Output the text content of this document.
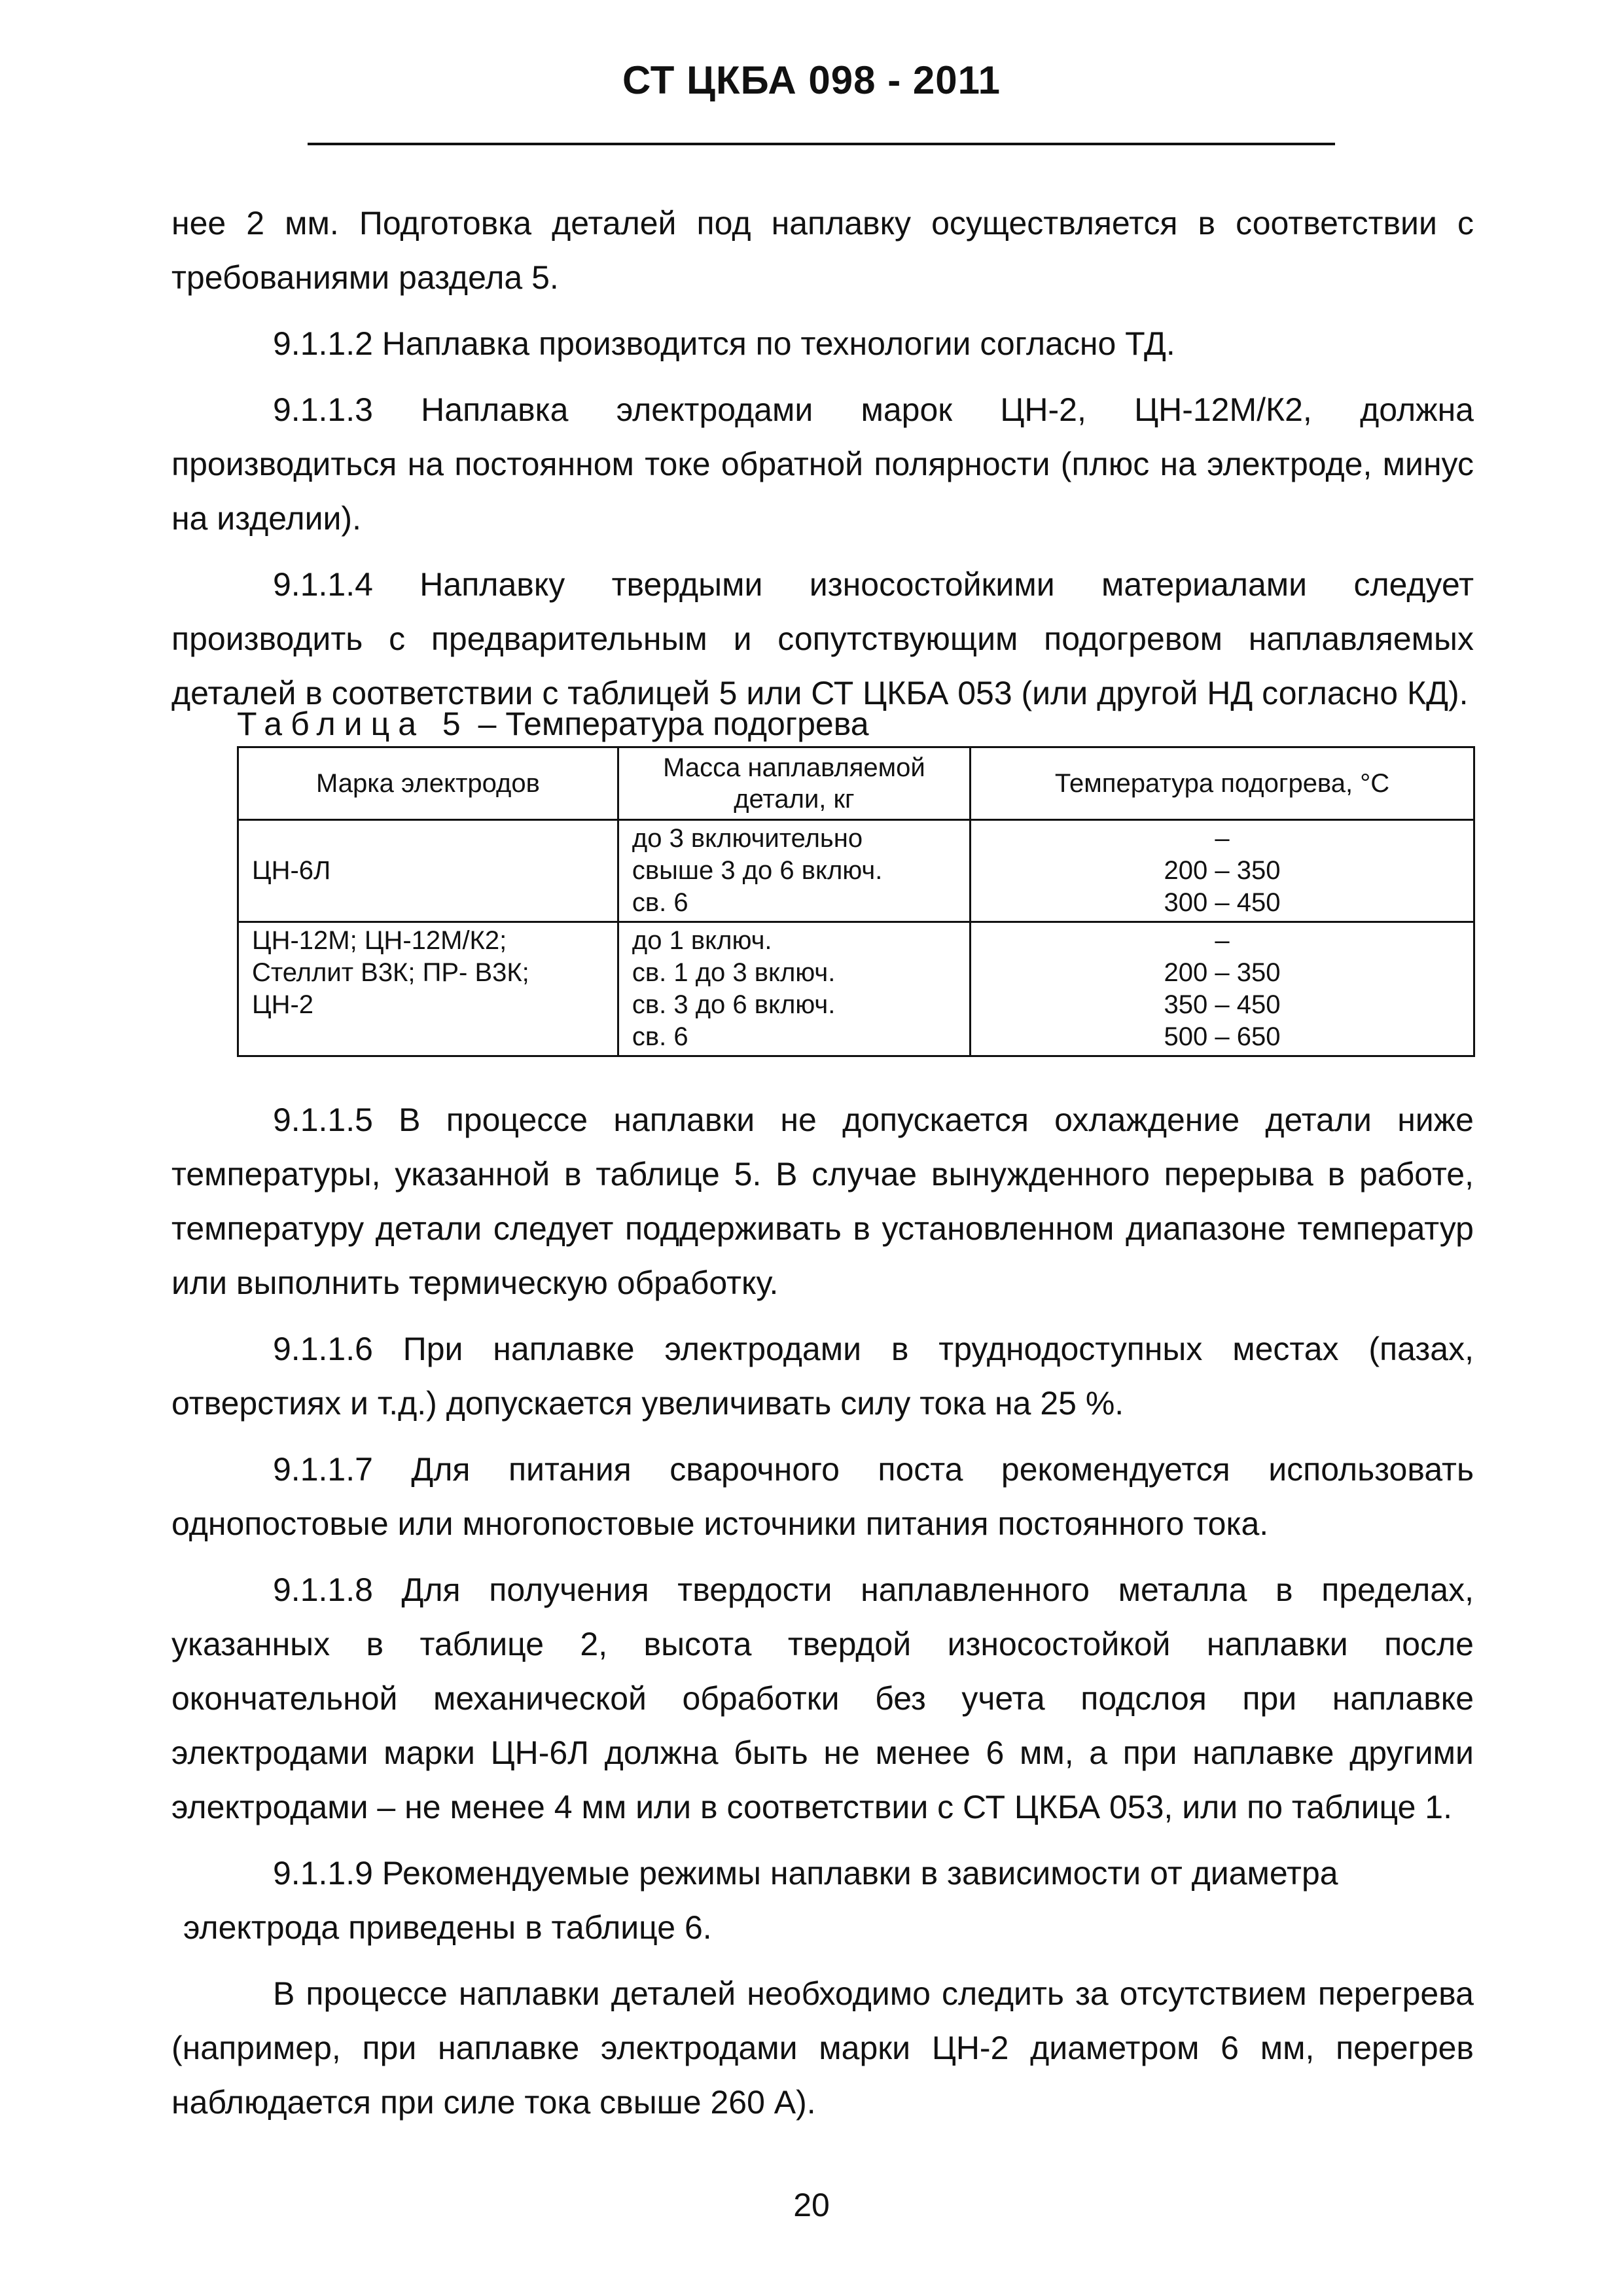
СТ ЦКБА 098 - 2011

нее 2 мм. Подготовка деталей под наплавку осуществляется в соответствии с требованиями раздела 5.

9.1.1.2 Наплавка производится по технологии согласно ТД.

9.1.1.3 Наплавка электродами марок ЦН-2, ЦН-12М/К2, должна производиться на постоянном токе обратной полярности (плюс на электроде, минус на изделии).

9.1.1.4 Наплавку твердыми износостойкими материалами следует производить с предварительным и сопутствующим подогревом наплавляемых деталей в соответствии с таблицей 5 или СТ ЦКБА 053 (или другой НД согласно КД).

Таблица 5 – Температура подогрева
Марка электродов	Масса наплавляемой детали, кг	Температура подогрева, °С

ЦН-6Л	до 3 включительно
свыше 3 до 6 включ.
св. 6	–
200 – 350
300 – 450

ЦН-12М; ЦН-12М/К2;
Стеллит В3К; ПР- В3К;
ЦН-2	до 1 включ.
св. 1 до 3 включ.
св. 3 до 6 включ.
св. 6	–
200 – 350
350 – 450
500 – 650

9.1.1.5 В процессе наплавки не допускается охлаждение детали ниже температуры, указанной в таблице 5. В случае вынужденного перерыва в работе, температуру детали следует поддерживать в установленном диапазоне температур или выполнить термическую обработку.

9.1.1.6 При наплавке электродами в труднодоступных местах (пазах, отверстиях и т.д.) допускается увеличивать силу тока на 25 %.

9.1.1.7 Для питания сварочного поста рекомендуется использовать однопостовые или многопостовые источники питания постоянного тока.

9.1.1.8 Для получения твердости наплавленного металла в пределах, указанных в таблице 2, высота твердой износостойкой наплавки после окончательной механической обработки без учета подслоя при наплавке электродами марки ЦН-6Л должна быть не менее 6 мм, а при наплавке другими электродами – не менее 4 мм или в соответствии с СТ ЦКБА 053, или по таблице 1.

9.1.1.9 Рекомендуемые режимы наплавки в зависимости от диаметра

электрода приведены в таблице 6.

В процессе наплавки деталей необходимо следить за отсутствием перегрева (например, при наплавке электродами марки ЦН-2 диаметром 6 мм, перегрев наблюдается при силе тока свыше 260 А).

20
